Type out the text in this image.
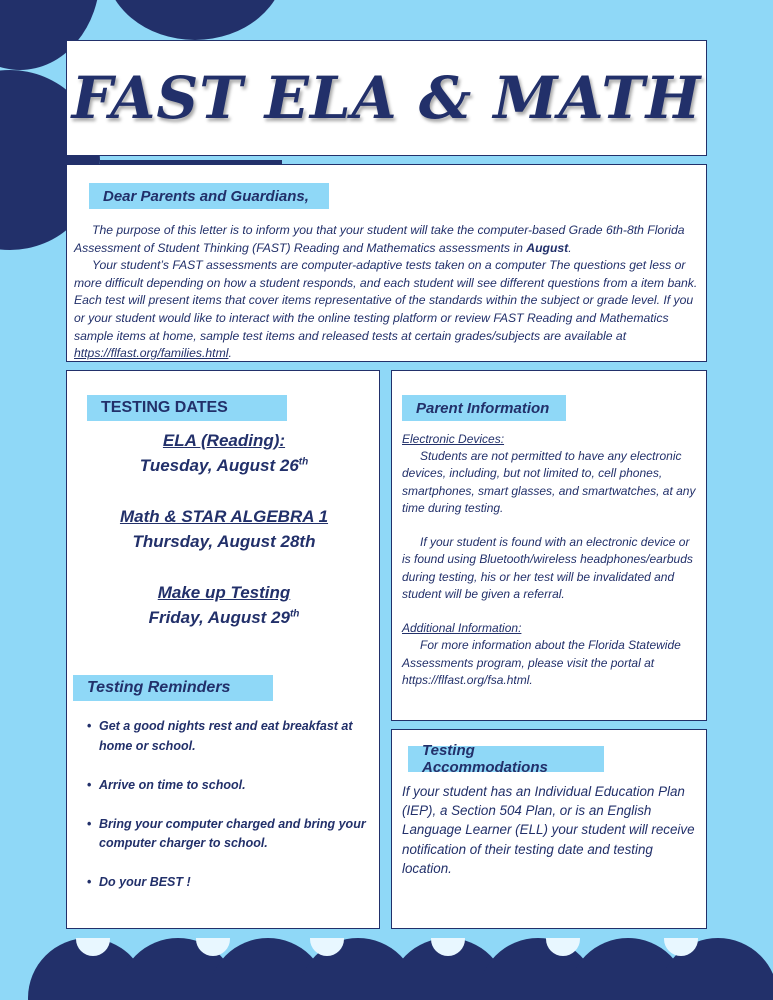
FAST ELA & MATH
Dear Parents and Guardians,

The purpose of this letter is to inform you that your student will take the computer-based Grade 6th-8th Florida Assessment of Student Thinking (FAST) Reading and Mathematics assessments in August.

Your student’s FAST assessments are computer-adaptive tests taken on a computer The questions get less or more difficult depending on how a student responds, and each student will see different questions from a item bank. Each test will present items that cover items representative of the standards within the subject or grade level. If you or your student would like to interact with the online testing platform or review FAST Reading and Mathematics sample items at home, sample test items and released tests at certain grades/subjects are available at https://flfast.org/families.html.

TESTING DATES
ELA (Reading):
Tuesday, August 26th
Math & STAR ALGEBRA 1
Thursday, August 28th
Make up Testing
Friday, August 29th
Testing Reminders
• Get a good nights rest and eat breakfast at home or school.
• Arrive on time to school.
• Bring your computer charged and bring your computer charger to school.
• Do your BEST !
Parent Information
Electronic Devices:
Students are not permitted to have any electronic devices, including, but not limited to, cell phones, smartphones, smart glasses, and smartwatches, at any time during testing.
If your student is found with an electronic device or is found using Bluetooth/wireless headphones/earbuds during testing, his or her test will be invalidated and student will be given a referral.
Additional Information:
For more information about the Florida Statewide Assessments program, please visit the portal at https://flfast.org/fsa.html.
Testing Accommodations
If your student has an Individual Education Plan (IEP), a Section 504 Plan, or is an English Language Learner (ELL) your student will receive notification of their testing date and testing location.
